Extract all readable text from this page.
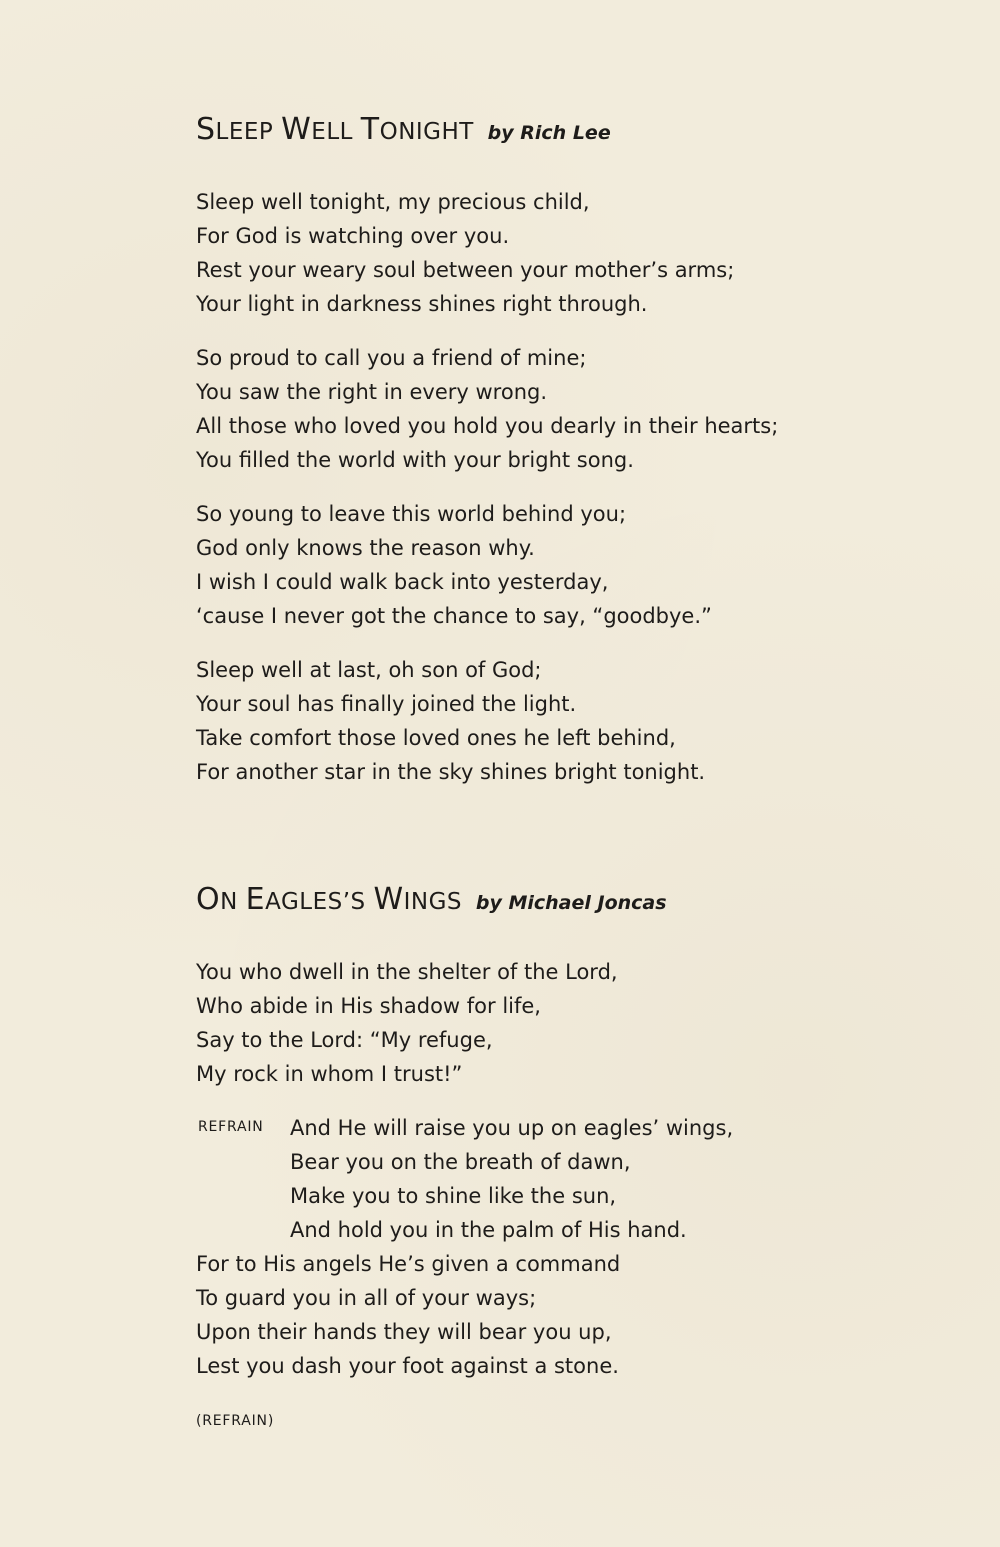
SLEEP WELL TONIGHT by Rich Lee

Sleep well tonight, my precious child,
For God is watching over you.
Rest your weary soul between your mother’s arms;
Your light in darkness shines right through.

So proud to call you a friend of mine;
You saw the right in every wrong.
All those who loved you hold you dearly in their hearts;
You filled the world with your bright song.

So young to leave this world behind you;
God only knows the reason why.
I wish I could walk back into yesterday,
‘cause I never got the chance to say, “goodbye.”

Sleep well at last, oh son of God;
Your soul has finally joined the light.
Take comfort those loved ones he left behind,
For another star in the sky shines bright tonight.

ON EAGLES’S WINGS by Michael Joncas

You who dwell in the shelter of the Lord,
Who abide in His shadow for life,
Say to the Lord: “My refuge,
My rock in whom I trust!”

REFRAIN And He will raise you up on eagles’ wings,
Bear you on the breath of dawn,
Make you to shine like the sun,
And hold you in the palm of His hand.

For to His angels He’s given a command
To guard you in all of your ways;
Upon their hands they will bear you up,
Lest you dash your foot against a stone.

(REFRAIN)
